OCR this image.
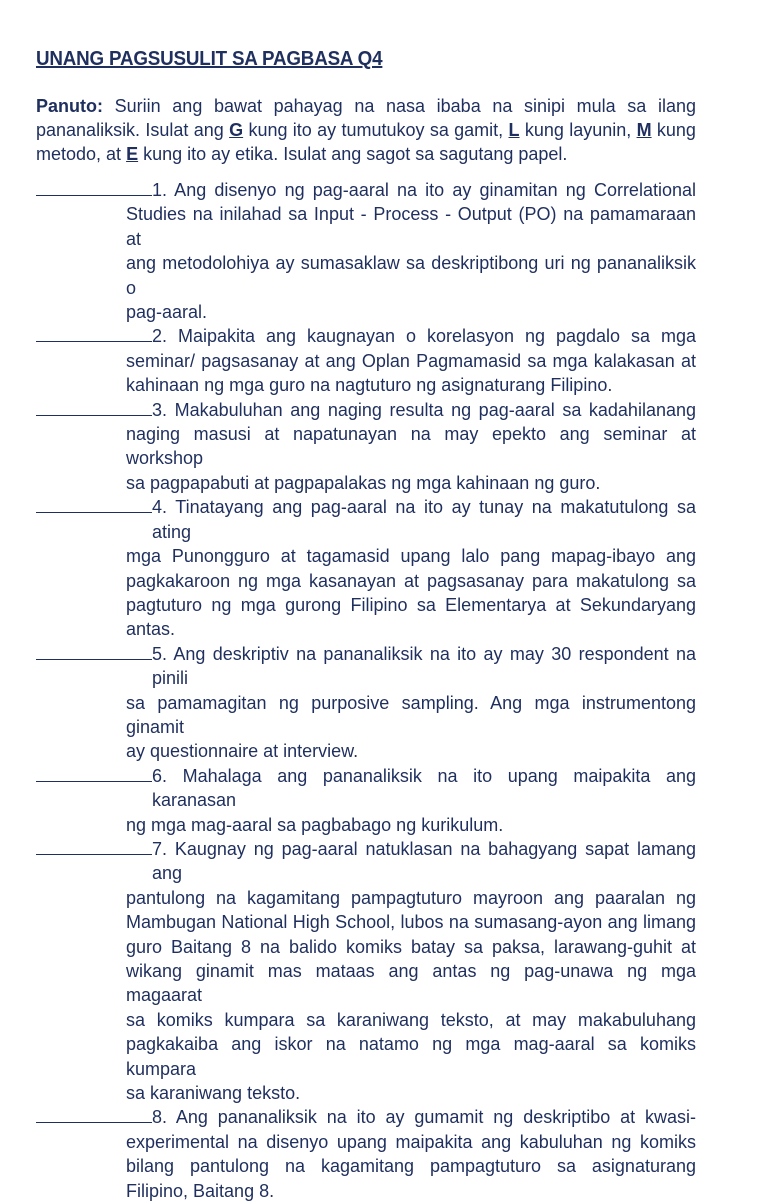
UNANG PAGSUSULIT SA PAGBASA Q4
Panuto: Suriin ang bawat pahayag na nasa ibaba na sinipi mula sa ilang pananaliksik. Isulat ang G kung ito ay tumutukoy sa gamit, L kung layunin, M kung metodo, at E kung ito ay etika. Isulat ang sagot sa sagutang papel.
1. Ang disenyo ng pag-aaral na ito ay ginamitan ng Correlational
Studies na inilahad sa Input - Process - Output (PO) na pamamaraan at
ang metodolohiya ay sumasaklaw sa deskriptibong uri ng pananaliksik o
pag-aaral.
2. Maipakita ang kaugnayan o korelasyon ng pagdalo sa mga
seminar/ pagsasanay at ang Oplan Pagmamasid sa mga kalakasan at
kahinaan ng mga guro na nagtuturo ng asignaturang Filipino.
3. Makabuluhan ang naging resulta ng pag-aaral sa kadahilanang
naging masusi at napatunayan na may epekto ang seminar at workshop
sa pagpapabuti at pagpapalakas ng mga kahinaan ng guro.
4. Tinatayang ang pag-aaral na ito ay tunay na makatutulong sa ating
mga Punongguro at tagamasid upang lalo pang mapag-ibayo ang
pagkakaroon ng mga kasanayan at pagsasanay para makatulong sa
pagtuturo ng mga gurong Filipino sa Elementarya at Sekundaryang
antas.
5. Ang deskriptiv na pananaliksik na ito ay may 30 respondent na pinili
sa pamamagitan ng purposive sampling. Ang mga instrumentong ginamit
ay questionnaire at interview.
6. Mahalaga ang pananaliksik na ito upang maipakita ang karanasan
ng mga mag-aaral sa pagbabago ng kurikulum.
7. Kaugnay ng pag-aaral natuklasan na bahagyang sapat lamang ang
pantulong na kagamitang pampagtuturo mayroon ang paaralan ng
Mambugan National High School, lubos na sumasang-ayon ang limang
guro Baitang 8 na balido komiks batay sa paksa, larawang-guhit at
wikang ginamit mas mataas ang antas ng pag-unawa ng mga magaarat
sa komiks kumpara sa karaniwang teksto, at may makabuluhang
pagkakaiba ang iskor na natamo ng mga mag-aaral sa komiks kumpara
sa karaniwang teksto.
8. Ang pananaliksik na ito ay gumamit ng deskriptibo at kwasi-
experimental na disenyo upang maipakita ang kabuluhan ng komiks
bilang pantulong na kagamitang pampagtuturo sa asignaturang
Filipino, Baitang 8.
